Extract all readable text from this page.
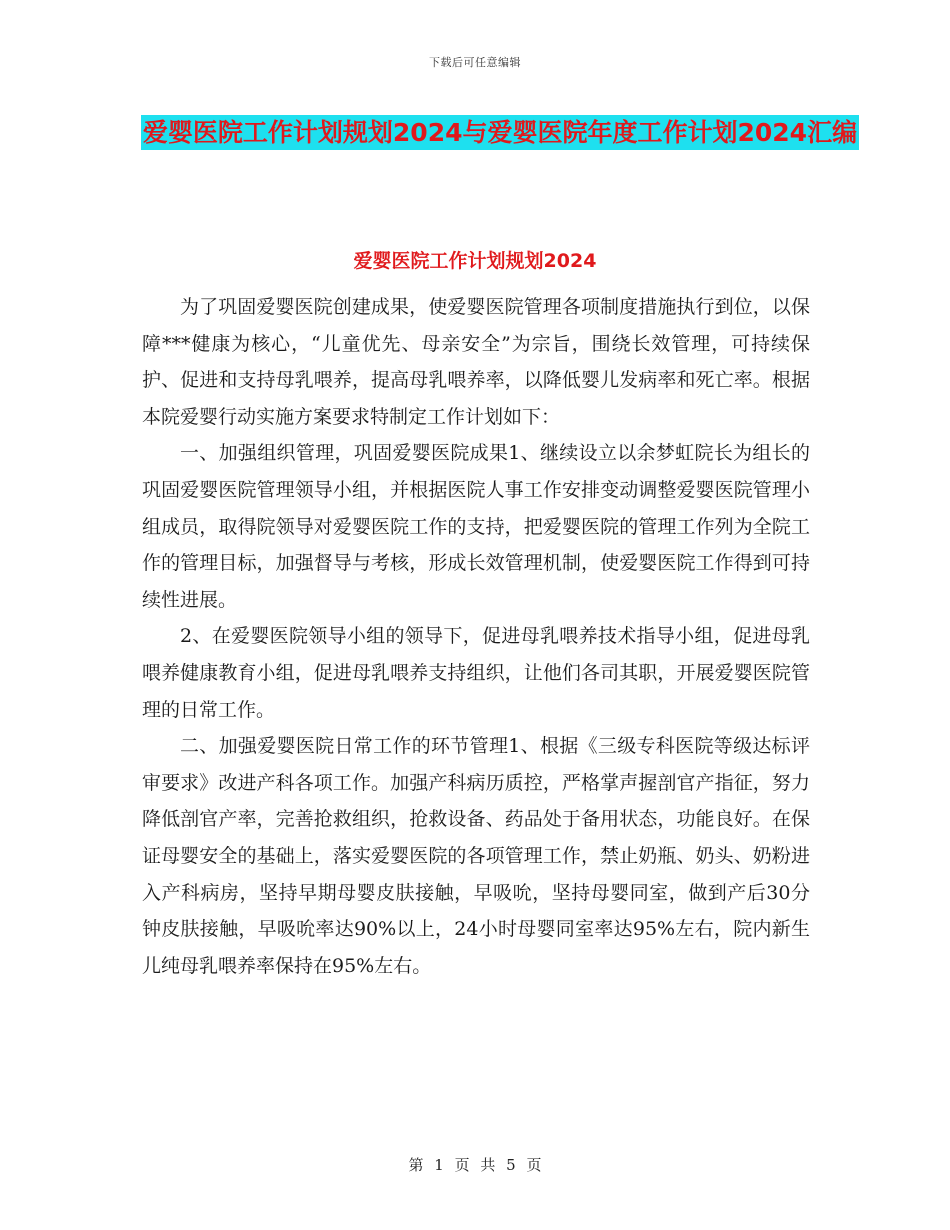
下载后可任意编辑
爱婴医院工作计划规划2024与爱婴医院年度工作计划2024汇编
爱婴医院工作计划规划2024

为了巩固爱婴医院创建成果，使爱婴医院管理各项制度措施执行到位，以保障***健康为核心，“儿童优先、母亲安全”为宗旨，围绕长效管理，可持续保护、促进和支持母乳喂养，提高母乳喂养率，以降低婴儿发病率和死亡率。根据本院爱婴行动实施方案要求特制定工作计划如下：

一、加强组织管理，巩固爱婴医院成果1、继续设立以余梦虹院长为组长的巩固爱婴医院管理领导小组，并根据医院人事工作安排变动调整爱婴医院管理小组成员，取得院领导对爱婴医院工作的支持，把爱婴医院的管理工作列为全院工作的管理目标，加强督导与考核，形成长效管理机制，使爱婴医院工作得到可持续性进展。

2、在爱婴医院领导小组的领导下，促进母乳喂养技术指导小组，促进母乳喂养健康教育小组，促进母乳喂养支持组织，让他们各司其职，开展爱婴医院管理的日常工作。

二、加强爱婴医院日常工作的环节管理1、根据《三级专科医院等级达标评审要求》改进产科各项工作。加强产科病历质控，严格掌声握剖官产指征，努力降低剖官产率，完善抢救组织，抢救设备、药品处于备用状态，功能良好。在保证母婴安全的基础上，落实爱婴医院的各项管理工作，禁止奶瓶、奶头、奶粉进入产科病房，坚持早期母婴皮肤接触，早吸吮，坚持母婴同室，做到产后30分钟皮肤接触，早吸吮率达90%以上，24小时母婴同室率达95%左右，院内新生儿纯母乳喂养率保持在95%左右。

第 1 页 共 5 页
